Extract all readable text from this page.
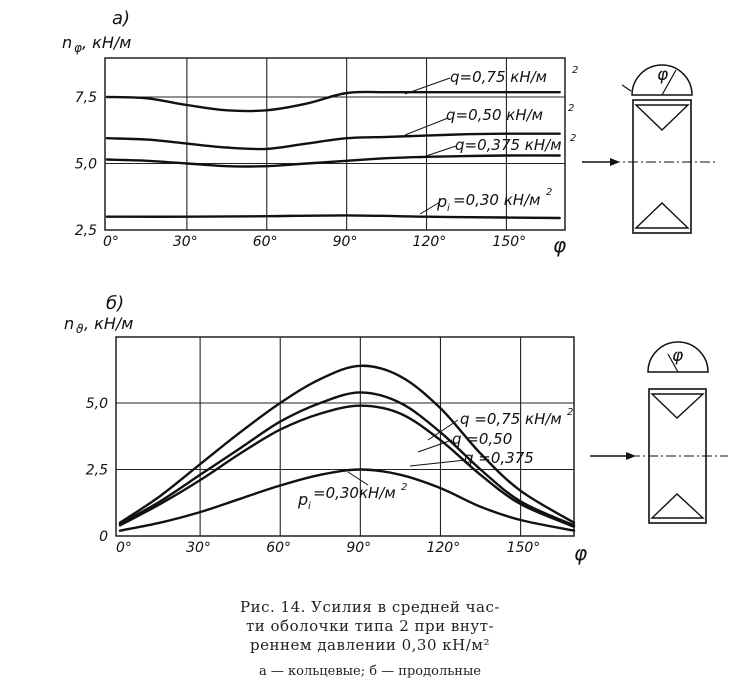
а)
n φ , кН/м
2,5
5,0
7,5
0°	30°	60°	90°	120°	150° φ
q=0,75 кН/м	2
q=0,50 кН/м	2
q=0,375 кН/м 2
p i =0,30 кН/м 2
φ
б)
n ϑ , кН/м
0
2,5
5,0
0°	30°	60°	90°	120°	150° φ
q =0,75 кН/м 2
q =0,50
q =0,375
p i
=0,30кН/м 2
φ
Рис. 14. Усилия в средней час-
ти оболочки типа 2 при внут-
реннем давлении 0,30 кН/м²
а — кольцевые; б — продольные
